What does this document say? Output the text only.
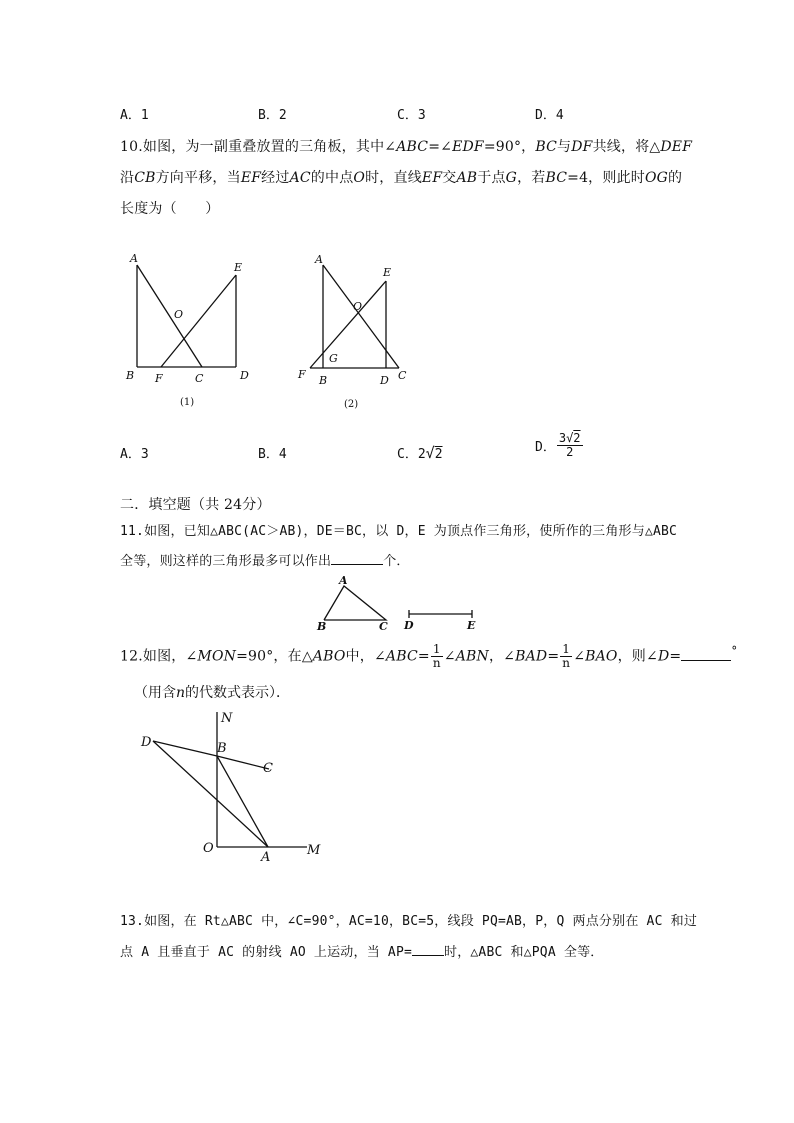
A．1	B．2	C．3	D．4
10.如图，为一副重叠放置的三角板，其中∠ABC=∠EDF=90°，BC与DF共线，将△DEF
沿CB方向平移，当EF经过AC的中点O时，直线EF交AB于点G，若BC=4，则此时OG的
长度为（　　）
A
B
O
E
F	C	D
A
E
O
G
F B	D C
(1)	(2)
A．3	B．4	C．2√2	D． $\frac{3√2}{2}$
二．填空题（共 24分）
11.如图，已知△ABC(AC＞AB)，DE＝BC，以 D，E 为顶点作三角形，使所作的三角形与△ABC
全等，则这样的三角形最多可以作出	个．
A
B	C D	E
12.如图，∠MON=90°，在△ABO中，∠ABC= $\frac{1}{n}$ ∠ABN，∠BAD= $\frac{1}{n}$ ∠BAO，则∠D=	°
（用含n的代数式表示）．
N
D	B
C
O
A	M
13.如图，在 Rt△ABC 中，∠C=90°，AC=10，BC=5，线段 PQ=AB，P，Q 两点分别在 AC 和过
点 A 且垂直于 AC 的射线 AO 上运动，当 AP= 时，△ABC 和△PQA 全等．
